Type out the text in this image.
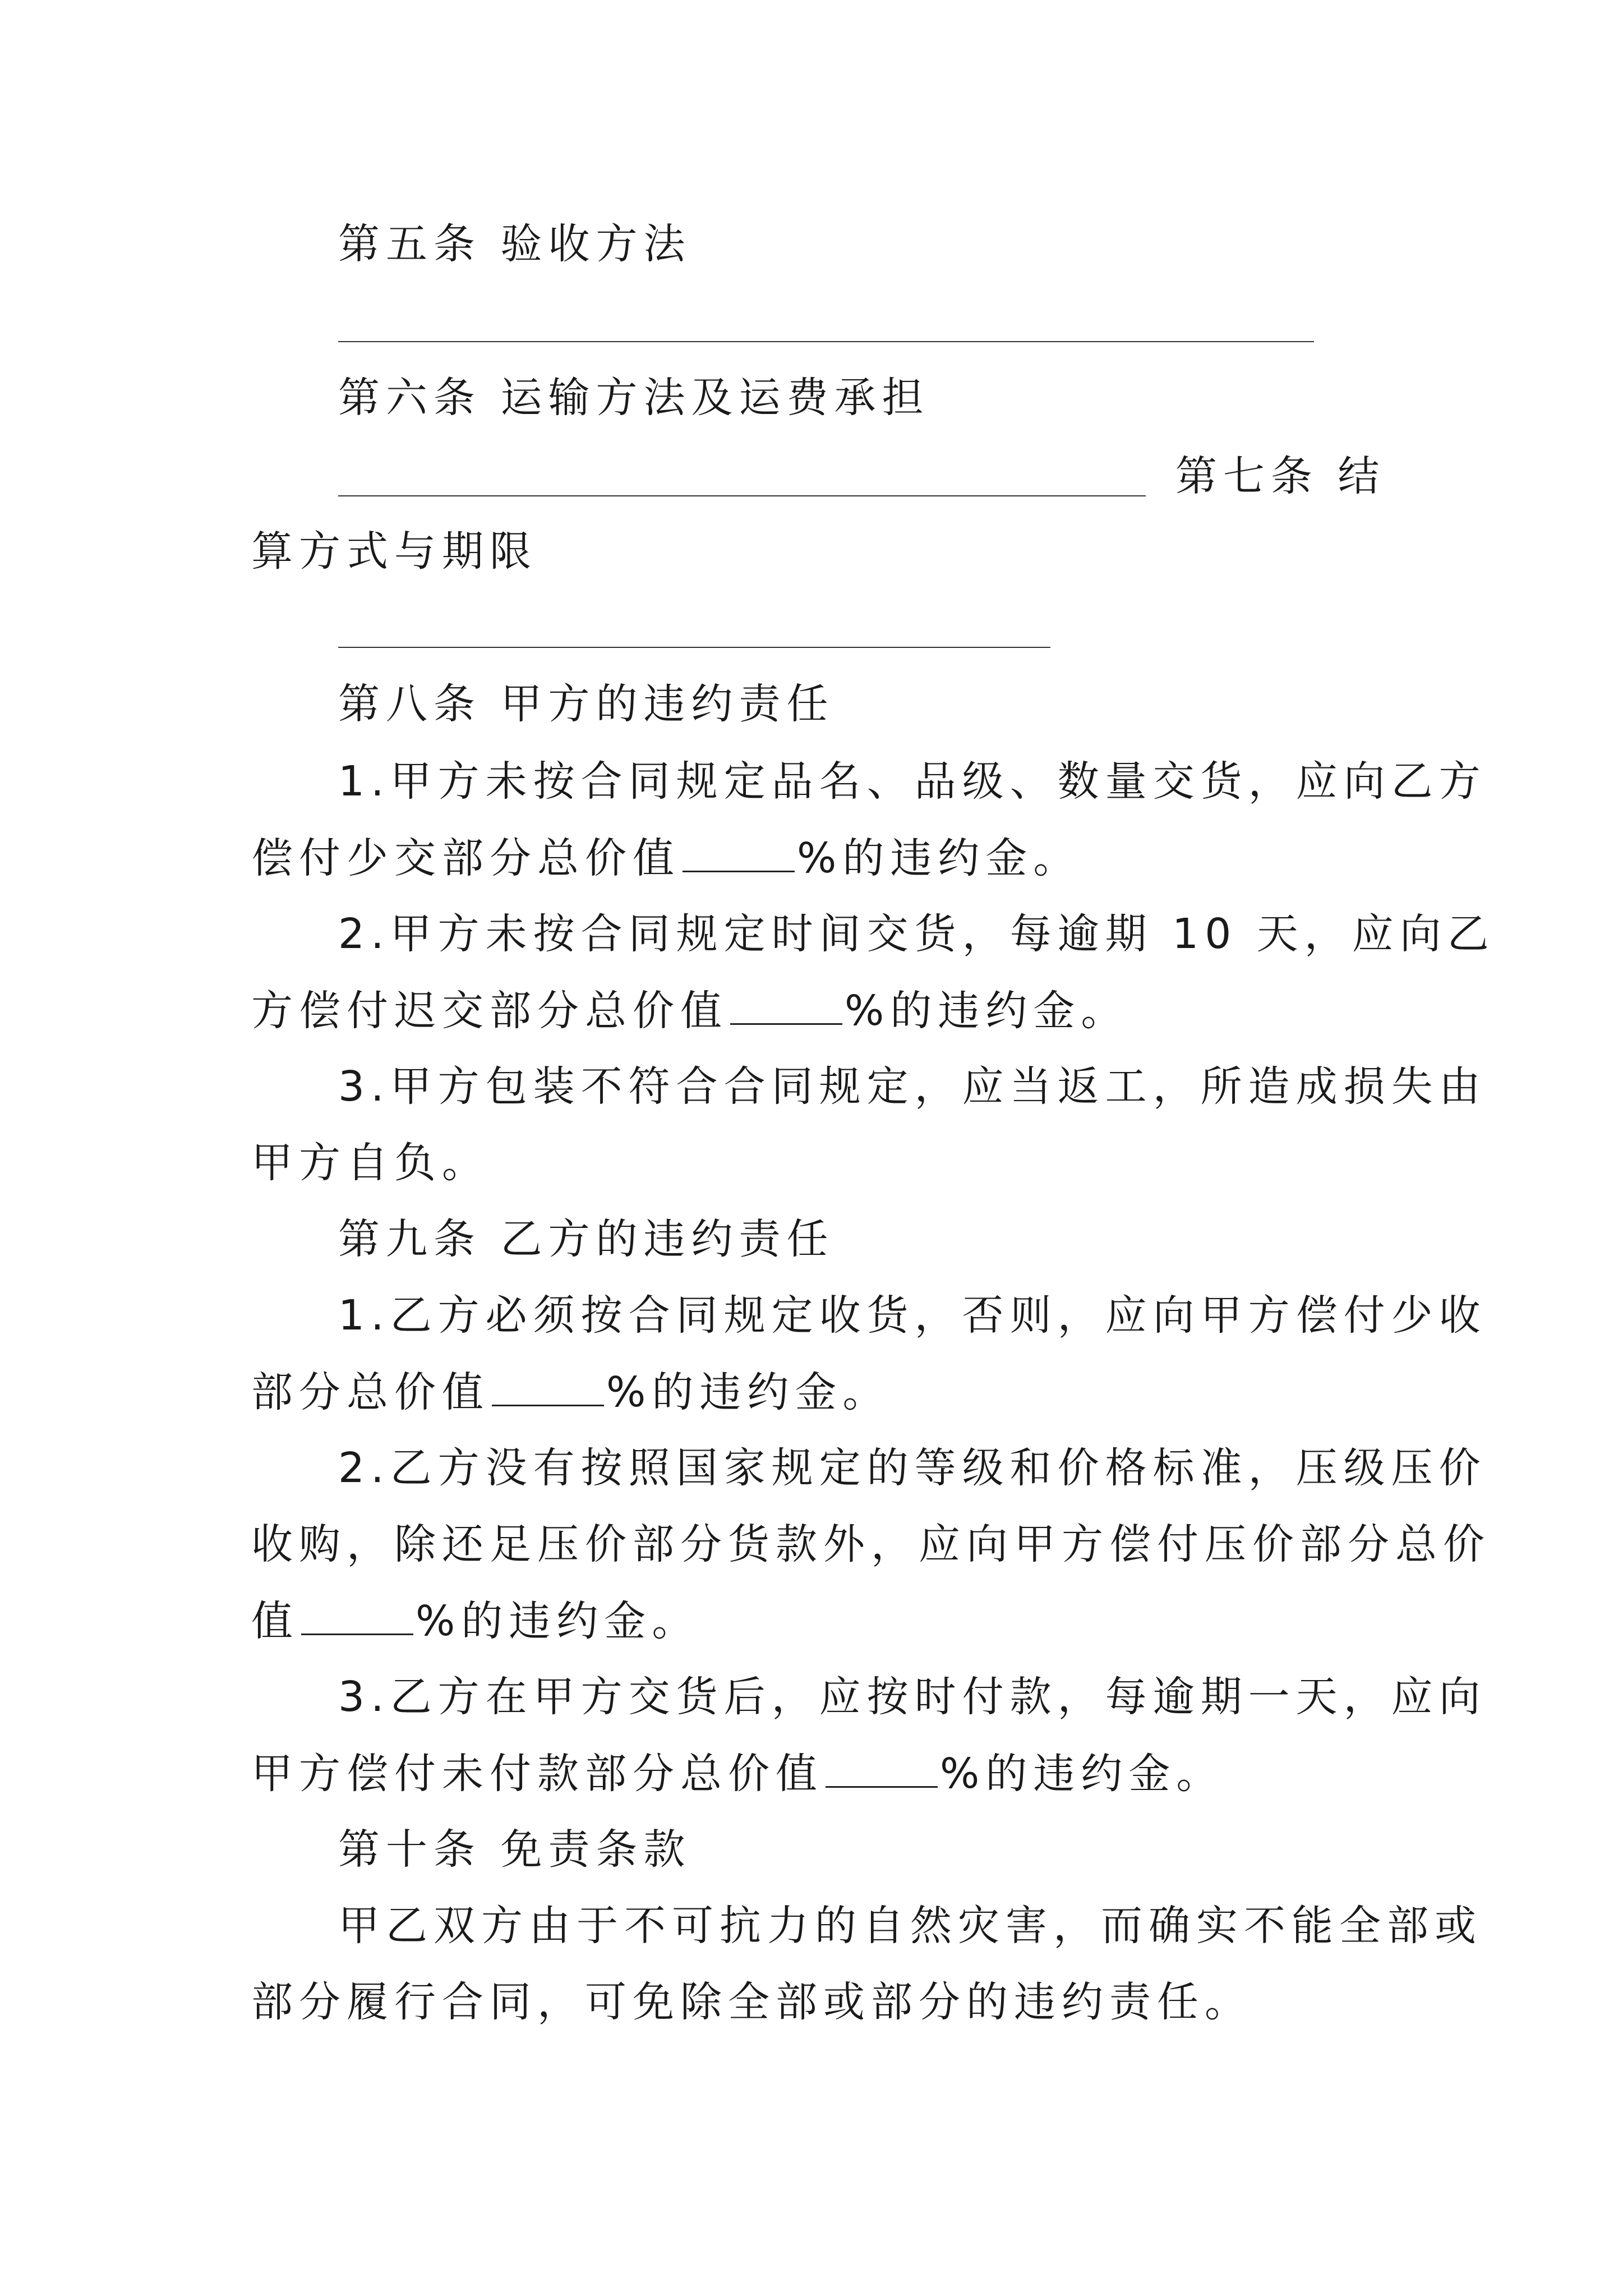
第五条 验收方法
第六条 运输方法及运费承担
第七条 结
算方式与期限
第八条 甲方的违约责任
1.甲方未按合同规定品名、品级、数量交货，应向乙方
偿付少交部分总价值	%的违约金。
2.甲方未按合同规定时间交货，每逾期 10 天，应向乙
方偿付迟交部分总价值	%的违约金。
3.甲方包装不符合合同规定，应当返工，所造成损失由
甲方自负。
第九条 乙方的违约责任
1.乙方必须按合同规定收货，否则，应向甲方偿付少收
部分总价值	%的违约金。
2.乙方没有按照国家规定的等级和价格标准，压级压价
收购，除还足压价部分货款外，应向甲方偿付压价部分总价
值	%的违约金。
3.乙方在甲方交货后，应按时付款，每逾期一天，应向
甲方偿付未付款部分总价值	%的违约金。
第十条 免责条款
甲乙双方由于不可抗力的自然灾害，而确实不能全部或
部分履行合同，可免除全部或部分的违约责任。
